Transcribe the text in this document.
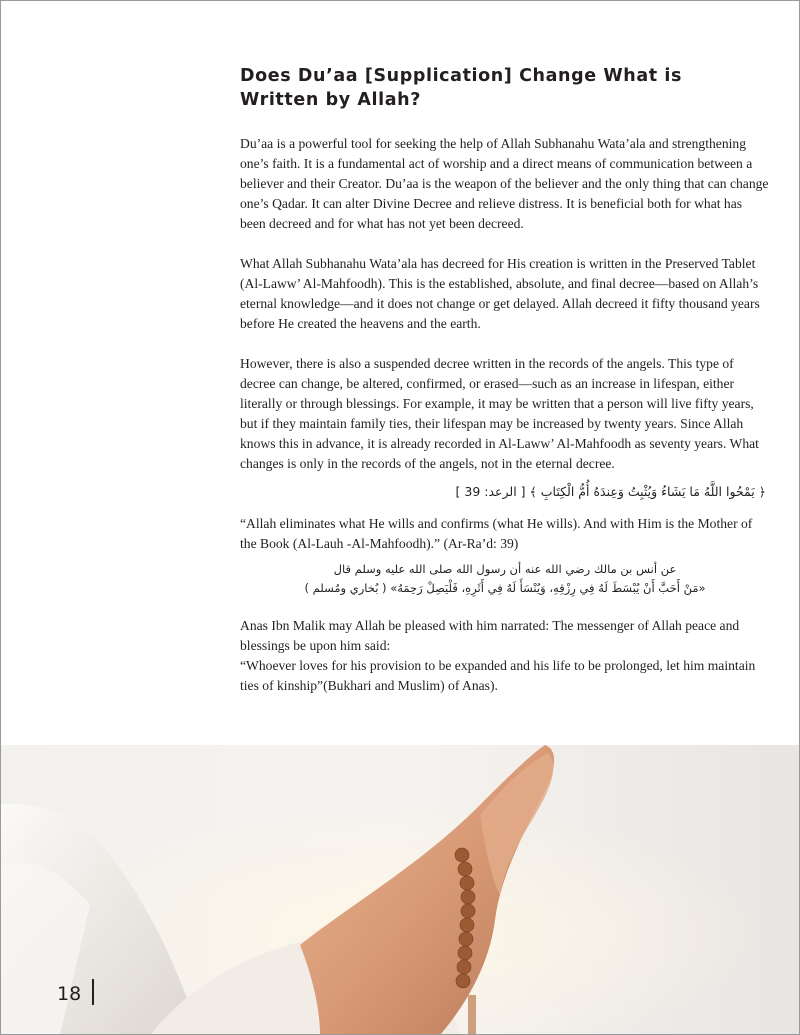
Does Du’aa [Supplication] Change What is
Written by Allah?

Du’aa is a powerful tool for seeking the help of Allah Subhanahu Wata’ala and strengthening one’s faith. It is a fundamental act of worship and a direct means of communication between a believer and their Creator. Du’aa is the weapon of the believer and the only thing that can change one’s Qadar. It can alter Divine Decree and relieve distress. It is beneficial both for what has been decreed and for what has not yet been decreed.

What Allah Subhanahu Wata’ala has decreed for His creation is written in the Preserved Tablet (Al-Laww’ Al-Mahfoodh). This is the established, absolute, and final decree—based on Allah’s eternal knowledge—and it does not change or get delayed. Allah decreed it fifty thousand years before He created the heavens and the earth.

However, there is also a suspended decree written in the records of the angels. This type of decree can change, be altered, confirmed, or erased—such as an increase in lifespan, either literally or through blessings. For example, it may be written that a person will live fifty years, but if they maintain family ties, their lifespan may be increased by twenty years. Since Allah knows this in advance, it is already recorded in Al-Laww’ Al-Mahfoodh as seventy years. What changes is only in the records of the angels, not in the eternal decree.

﴿ يَمْحُوا اللَّهُ مَا يَشَاءُ وَيُثْبِتُ وَعِندَهُ أُمُّ الْكِتَابِ ﴾ [ الرعد: 39 ]

“Allah eliminates what He wills and confirms (what He wills). And with Him is the Mother of the Book (Al-Lauh -Al-Mahfoodh).” (Ar-Ra’d: 39)

عن أنس بن مالك رضي الله عنه أن رسول الله صلى الله عليه وسلم قال
«مَنْ أَحَبَّ أَنْ يُبْسَطَ لَهُ فِي رِزْقِهِ، وَيُنْسَأَ لَهُ فِي أَثَرِهِ، فَلْيَصِلْ رَحِمَهُ» ( بُخاري ومُسلم )

Anas Ibn Malik may Allah be pleased with him narrated: The messenger of Allah peace and blessings be upon him said:
“Whoever loves for his provision to be expanded and his life to be prolonged, let him maintain ties of kinship”(Bukhari and Muslim) of Anas).

18
